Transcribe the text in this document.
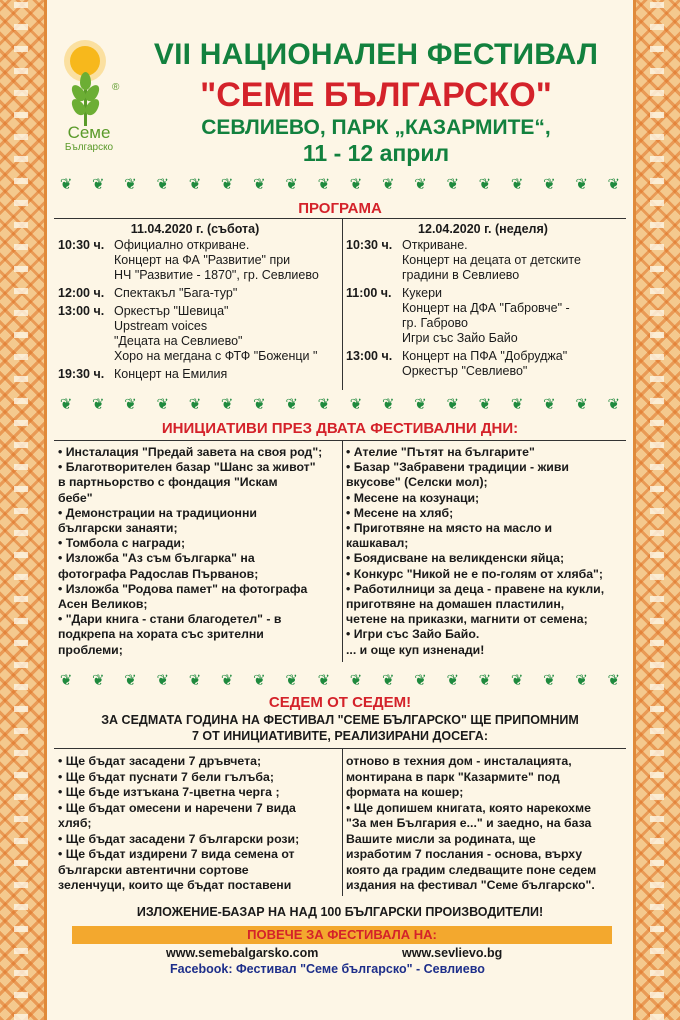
®
Семе
Българско
VII НАЦИОНАЛЕН ФЕСТИВАЛ
"СЕМЕ БЪЛГАРСКО"
СЕВЛИЕВО, ПАРК „КАЗАРМИТЕ“,
11 - 12 април
❦ ❦ ❦ ❦ ❦ ❦ ❦ ❦ ❦ ❦ ❦ ❦ ❦ ❦ ❦ ❦ ❦ ❦
ПРОГРАМА
11.04.2020 г. (събота)
10:30 ч. Официално откриване.
Концерт на ФА "Развитие" при
НЧ "Развитие - 1870", гр. Севлиево
12:00 ч. Спектакъл "Бага-тур"
13:00 ч. Оркестър "Шевица"
Upstream voices
"Децата на Севлиево"
Хоро на мегдана с ФТФ "Боженци "
19:30 ч. Концерт на Емилия
12.04.2020 г. (неделя)
10:30 ч. Откриване.
Концерт на децата от детските
градини в Севлиево
11:00 ч. Кукери
Концерт на ДФА "Габровче" -
гр. Габрово
Игри със Зайо Байо
13:00 ч. Концерт на ПФА "Добруджа"
Оркестър "Севлиево"
❦ ❦ ❦ ❦ ❦ ❦ ❦ ❦ ❦ ❦ ❦ ❦ ❦ ❦ ❦ ❦ ❦ ❦
ИНИЦИАТИВИ ПРЕЗ ДВАТА ФЕСТИВАЛНИ ДНИ:
• Инсталация "Предай завета на своя род";
• Благотворителен базар "Шанс за живот"
в партньорство с фондация "Искам
бебе"
• Демонстрации на традиционни
български занаяти;
• Томбола с награди;
• Изложба "Аз съм българка" на
фотографа Радослав Първанов;
• Изложба "Родова памет" на фотографа
Асен Великов;
• "Дари книга - стани благодетел" - в
подкрепа на хората със зрителни
проблеми;
• Ателие "Пътят на българите"
• Базар "Забравени традиции - живи
вкусове" (Селски мол);
• Месене на козунаци;
• Месене на хляб;
• Приготвяне на място на масло и
кашкавал;
• Боядисване на великденски яйца;
• Конкурс "Никой не е по-голям от хляба";
• Работилници за деца - правене на кукли,
приготвяне на домашен пластилин,
четене на приказки, магнити от семена;
• Игри със Зайо Байо.
... и още куп изненади!
❦ ❦ ❦ ❦ ❦ ❦ ❦ ❦ ❦ ❦ ❦ ❦ ❦ ❦ ❦ ❦ ❦ ❦
СЕДЕМ ОТ СЕДЕМ!
ЗА СЕДМАТА ГОДИНА НА ФЕСТИВАЛ "СЕМЕ БЪЛГАРСКО" ЩЕ ПРИПОМНИМ
7 ОТ ИНИЦИАТИВИТЕ, РЕАЛИЗИРАНИ ДОСЕГА:
• Ще бъдат засадени 7 дръвчета;
• Ще бъдат пуснати 7 бели гълъба;
• Ще бъде изтъкана 7-цветна черга ;
• Ще бъдат омесени и наречени 7 вида
хляб;
• Ще бъдат засадени 7 български рози;
• Ще бъдат издирени 7 вида семена от
български автентични сортове
зеленчуци, които ще бъдат поставени
отново в техния дом - инсталацията,
монтирана в парк "Казармите" под
формата на кошер;
• Ще допишем книгата, която нарекохме
"За мен България е..." и заедно, на база
Вашите мисли за родината, ще
изработим 7 послания - основа, върху
която да градим следващите поне седем
издания на фестивал "Семе българско".
ИЗЛОЖЕНИЕ-БАЗАР НА НАД 100 БЪЛГАРСКИ ПРОИЗВОДИТЕЛИ!
ПОВЕЧЕ ЗА ФЕСТИВАЛА НА:
www.semebalgarsko.com	www.sevlievo.bg
Facebook: Фестивал "Семе българско" - Севлиево
